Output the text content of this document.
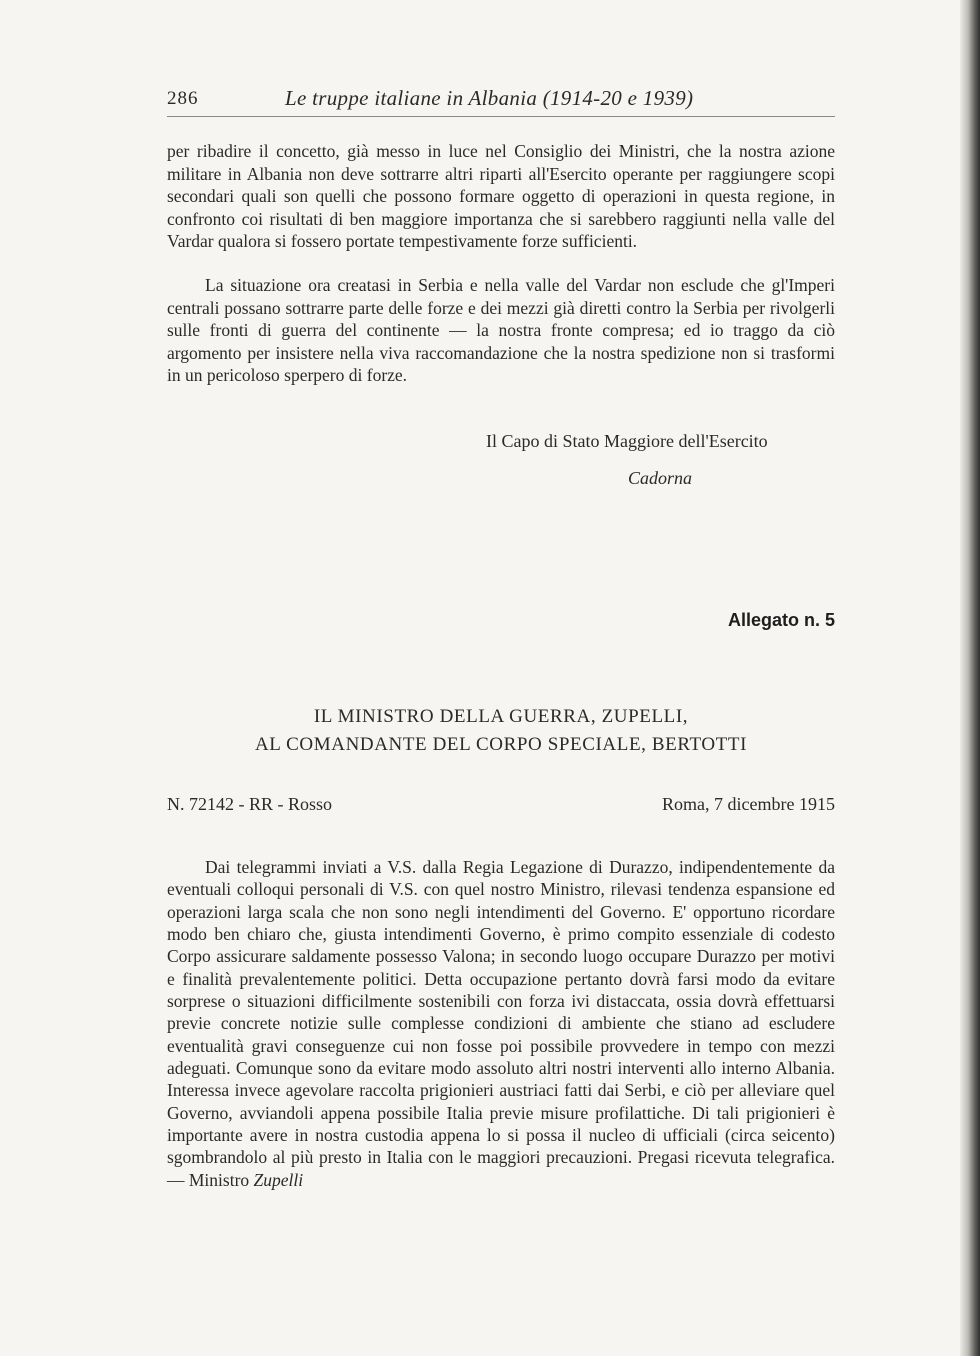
286	Le truppe italiane in Albania (1914-20 e 1939)

per ribadire il concetto, già messo in luce nel Consiglio dei Ministri, che la nostra azione militare in Albania non deve sottrarre altri riparti all'Esercito operante per raggiungere scopi secondari quali son quelli che possono formare oggetto di operazioni in questa regione, in confronto coi risultati di ben maggiore importanza che si sarebbero raggiunti nella valle del Vardar qualora si fossero portate tempestivamente forze sufficienti.

La situazione ora creatasi in Serbia e nella valle del Vardar non esclude che gl'Imperi centrali possano sottrarre parte delle forze e dei mezzi già diretti contro la Serbia per rivolgerli sulle fronti di guerra del continente — la nostra fronte compresa; ed io traggo da ciò argomento per insistere nella viva raccomandazione che la nostra spedizione non si trasformi in un pericoloso sperpero di forze.

Il Capo di Stato Maggiore dell'Esercito
Cadorna
Allegato n. 5
IL MINISTRO DELLA GUERRA, ZUPELLI,
AL COMANDANTE DEL CORPO SPECIALE, BERTOTTI
N. 72142 - RR - Rosso	Roma, 7 dicembre 1915

Dai telegrammi inviati a V.S. dalla Regia Legazione di Durazzo, indipendentemente da eventuali colloqui personali di V.S. con quel nostro Ministro, rilevasi tendenza espansione ed operazioni larga scala che non sono negli intendimenti del Governo. E' opportuno ricordare modo ben chiaro che, giusta intendimenti Governo, è primo compito essenziale di codesto Corpo assicurare saldamente possesso Valona; in secondo luogo occupare Durazzo per motivi e finalità prevalentemente politici. Detta occupazione pertanto dovrà farsi modo da evitare sorprese o situazioni difficilmente sostenibili con forza ivi distaccata, ossia dovrà effettuarsi previe concrete notizie sulle complesse condizioni di ambiente che stiano ad escludere eventualità gravi conseguenze cui non fosse poi possibile provvedere in tempo con mezzi adeguati. Comunque sono da evitare modo assoluto altri nostri interventi allo interno Albania. Interessa invece agevolare raccolta prigionieri austriaci fatti dai Serbi, e ciò per alleviare quel Governo, avviandoli appena possibile Italia previe misure profilattiche. Di tali prigionieri è importante avere in nostra custodia appena lo si possa il nucleo di ufficiali (circa seicento) sgombrandolo al più presto in Italia con le maggiori precauzioni. Pregasi ricevuta telegrafica. — Ministro Zupelli
